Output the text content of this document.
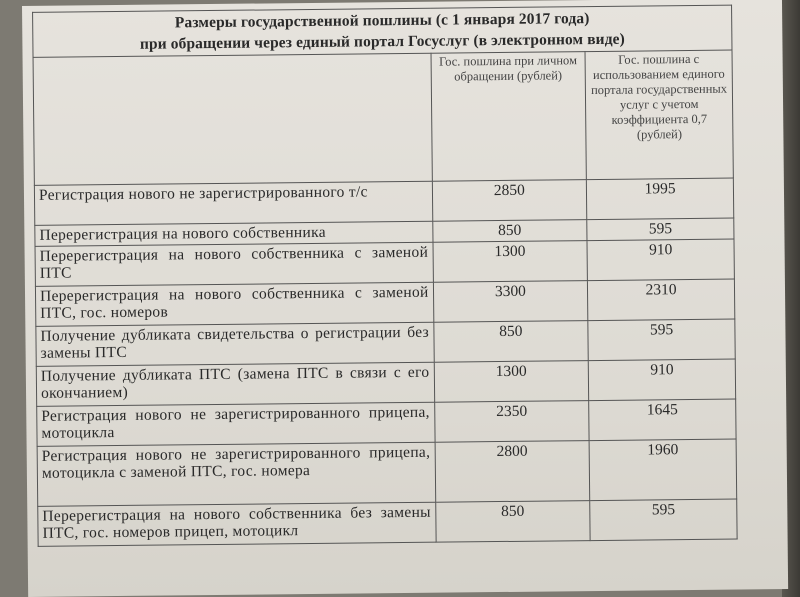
Размеры государственной пошлины (с 1 января 2017 года)
при обращении через единый портал Госуслуг (в электронном виде)		
	Гос. пошлина при личном обращении (рублей)	Гос. пошлина с использованием единого портала государственных услуг с учетом коэффициента 0,7 (рублей)
Регистрация нового не зарегистрированного т/с	2850	1995
Перерегистрация на нового собственника	850	595
Перерегистрация на нового собственника с заменой ПТС	1300	910
Перерегистрация на нового собственника с заменой ПТС, гос. номеров	3300	2310
Получение дубликата свидетельства о регистрации без замены ПТС	850	595
Получение дубликата ПТС (замена ПТС в связи с его окончанием)	1300	910
Регистрация нового не зарегистрированного прицепа, мотоцикла	2350	1645
Регистрация нового не зарегистрированного прицепа, мотоцикла с заменой ПТС, гос. номера	2800	1960
Перерегистрация на нового собственника без замены ПТС, гос. номеров прицеп, мотоцикл	850	595
